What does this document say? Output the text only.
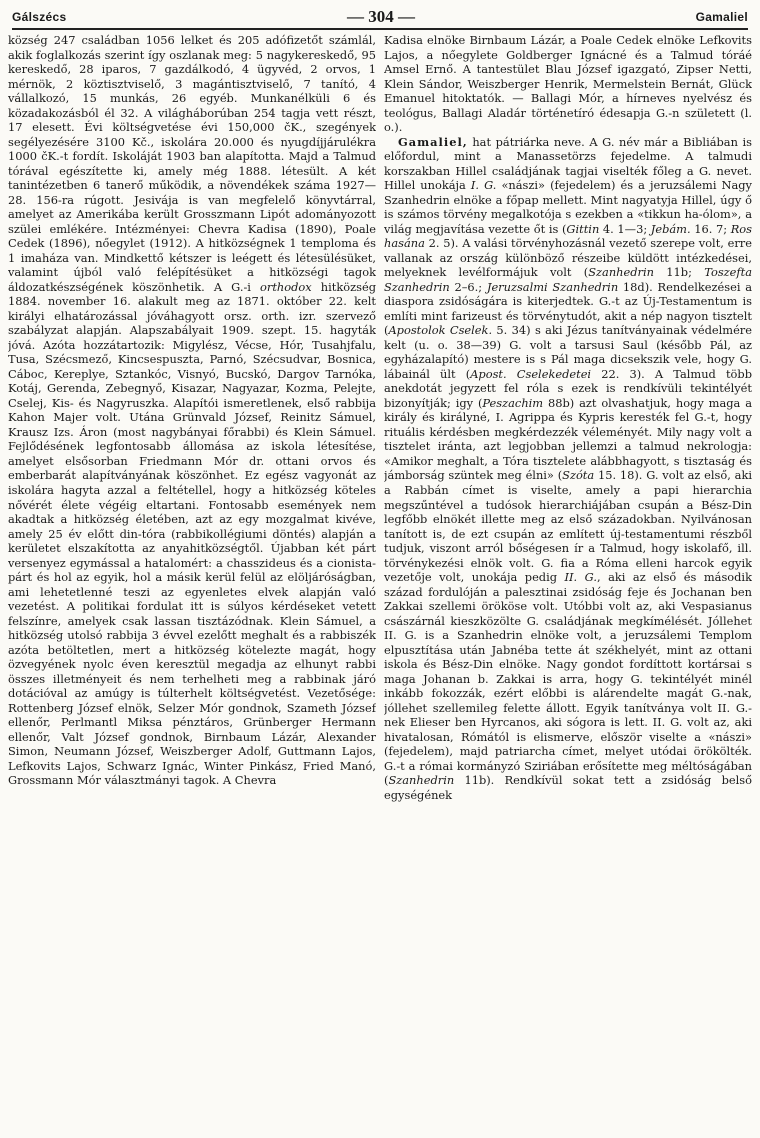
Gálszécs	— 304 —	Gamaliel

község 247 családban 1056 lelket és 205 adófizetőt számlál, akik foglalkozás szerint így oszlanak meg: 5 nagykereskedő, 95 kereskedő, 28 iparos, 7 gazdálkodó, 4 ügyvéd, 2 orvos, 1 mérnök, 2 köztisztviselő, 3 magántisztviselő, 7 tanító, 4 vállalkozó, 15 munkás, 26 egyéb. Munkanélküli 6 és közadakozásból él 32. A világháborúban 254 tagja vett részt, 17 elesett. Évi költségvetése évi 150,000 čK., szegények segélyezésére 3100 Kč., iskolára 20.000 és nyugdíjjárulékra 1000 čK.-t fordít. Iskoláját 1903 ban alapította. Majd a Talmud tórával egészítette ki, amely még 1888. létesült. A két tanintézetben 6 tanerő működik, a növendékek száma 1927—28. 156-ra rúgott. Jesivája is van megfelelő könyvtárral, amelyet az Amerikába került Grosszmann Lipót adományozott szülei emlékére. Intézményei: Chevra Kadisa (1890), Poale Cedek (1896), nőegylet (1912). A hitközségnek 1 temploma és 1 imaháza van. Mindkettő kétszer is leégett és létesülésüket, valamint újból való felépítésüket a hitközségi tagok áldozatkészségének köszönhetik. A G.-i orthodox hitközség 1884. november 16. alakult meg az 1871. október 22. kelt királyi elhatározással jóváhagyott orsz. orth. izr. szervező szabályzat alapján. Alapszabályait 1909. szept. 15. hagyták jóvá. Azóta hozzátartozik: Migylész, Vécse, Hór, Tusahjfalu, Tusa, Szécsmező, Kincsespuszta, Parnó, Szécsudvar, Bosnica, Cáboc, Kereplye, Sztankóc, Visnyó, Bucskó, Dargov Tarnóka, Kotáj, Gerenda, Zebegnyő, Kisazar, Nagyazar, Kozma, Pelejte, Cselej, Kis- és Nagyruszka. Alapítói ismeretlenek, első rabbija Kahon Majer volt. Utána Grünvald József, Reinitz Sámuel, Krausz Izs. Áron (most nagybányai főrabbi) és Klein Sámuel. Fejlődésének legfontosabb állomása az iskola létesítése, amelyet elsősorban Friedmann Mór dr. ottani orvos és emberbarát alapítványának köszönhet. Ez egész vagyonát az iskolára hagyta azzal a feltétellel, hogy a hitközség köteles nővérét élete végéig eltartani. Fontosabb események nem akadtak a hitközség életében, azt az egy mozgalmat kivéve, amely 25 év előtt din-tóra (rabbikollégiumi döntés) alapján a kerületet elszakította az anyahitközségtől. Újabban két párt versenyez egymással a hatalomért: a chasszideus és a cionista-párt és hol az egyik, hol a másik kerül felül az elöljáróságban, ami lehetetlenné teszi az egyenletes elvek alapján való vezetést. A politikai fordulat itt is súlyos kérdéseket vetett felszínre, amelyek csak lassan tisztázódnak. Klein Sámuel, a hitközség utolsó rabbija 3 évvel ezelőtt meghalt és a rabbiszék azóta betöltetlen, mert a hitközség kötelezte magát, hogy özvegyének nyolc éven keresztül megadja az elhunyt rabbi összes illetményeit és nem terhelheti meg a rabbinak járó dotációval az amúgy is túlterhelt költségvetést. Vezetősége: Rottenberg József elnök, Selzer Mór gondnok, Szameth József ellenőr, Perlmantl Miksa pénztáros, Grünberger Hermann ellenőr, Valt József gondnok, Birnbaum Lázár, Alexander Simon, Neumann József, Weiszberger Adolf, Guttmann Lajos, Lefkovits Lajos, Schwarz Ignác, Winter Pinkász, Fried Manó, Grossmann Mór választmányi tagok. A Chevra

Kadisa elnöke Birnbaum Lázár, a Poale Cedek elnöke Lefkovits Lajos, a nőegylete Goldberger Ignácné és a Talmud tóráé Amsel Ernő. A tantestület Blau József igazgató, Zipser Netti, Klein Sándor, Weiszberger Henrik, Mermelstein Bernát, Glück Emanuel hitoktatók. — Ballagi Mór, a hírneves nyelvész és teológus, Ballagi Aladár történetíró édesapja G.-n született (l. o.).

Gamaliel, hat pátriárka neve. A G. név már a Bibliában is előfordul, mint a Manassetörzs fejedelme. A talmudi korszakban Hillel családjának tagjai viselték főleg a G. nevet. Hillel unokája I. G. «nászi» (fejedelem) és a jeruzsálemi Nagy Szanhedrin elnöke a főpap mellett. Mint nagyatyja Hillel, úgy ő is számos törvény megalkotója s ezekben a «tikkun ha-ólom», a világ megjavítása vezette őt is (Gittin 4. 1—3; Jebám. 16. 7; Ros hasána 2. 5). A valási törvényhozásnál vezető szerepe volt, erre vallanak az ország különböző részeibe küldött intézkedései, melyeknek levélformájuk volt (Szanhedrin 11b; Toszefta Szanhedrin 2–6.; Jeruzsalmi Szanhedrin 18d). Rendelkezései a diaspora zsidóságára is kiterjedtek. G.-t az Új-Testamentum is említi mint farizeust és törvénytudót, akit a nép nagyon tisztelt (Apostolok Cselek. 5. 34) s aki Jézus tanítványainak védelmére kelt (u. o. 38—39) G. volt a tarsusi Saul (később Pál, az egyházalapító) mestere is s Pál maga dicsekszik vele, hogy G. lábainál ült (Apost. Cselekedetei 22. 3). A Talmud több anekdotát jegyzett fel róla s ezek is rendkívüli tekintélyét bizonyítják; igy (Peszachim 88b) azt olvashatjuk, hogy maga a király és királyné, I. Agrippa és Kypris keresték fel G.-t, hogy rituális kérdésben megkérdezzék véleményét. Mily nagy volt a tisztelet iránta, azt legjobban jellemzi a talmud nekrologja: «Amikor meghalt, a Tóra tisztelete alábbhagyott, s tisztaság és jámborság szüntek meg élni» (Szóta 15. 18). G. volt az első, aki a Rabbán címet is viselte, amely a papi hierarchia megszűntével a tudósok hierarchiájában csupán a Bész-Din legfőbb elnökét illette meg az első századokban. Nyilvánosan tanított is, de ezt csupán az említett új-testamentumi részből tudjuk, viszont arról bőségesen ír a Talmud, hogy iskolafő, ill. törvénykezési elnök volt. G. fia a Róma elleni harcok egyik vezetője volt, unokája pedig II. G., aki az első és második század fordulóján a palesztinai zsidóság feje és Jochanan ben Zakkai szellemi örököse volt. Utóbbi volt az, aki Vespasianus császárnál kieszközölte G. családjának megkímélését. Jóllehet II. G. is a Szanhedrin elnöke volt, a jeruzsálemi Templom elpusztítása után Jabnéba tette át székhelyét, mint az ottani iskola és Bész-Din elnöke. Nagy gondot fordíttott kortársai s maga Johanan b. Zakkai is arra, hogy G. tekintélyét minél inkább fokozzák, ezért előbbi is alárendelte magát G.-nak, jóllehet szellemileg felette állott. Egyik tanítványa volt II. G.-nek Elieser ben Hyrcanos, aki sógora is lett. II. G. volt az, aki hivatalosan, Rómától is elismerve, először viselte a «nászi» (fejedelem), majd patriarcha címet, melyet utódai örökölték. G.-t a római kormányzó Sziriában erősítette meg méltóságában (Szanhedrin 11b). Rendkívül sokat tett a zsidóság belső egységének
